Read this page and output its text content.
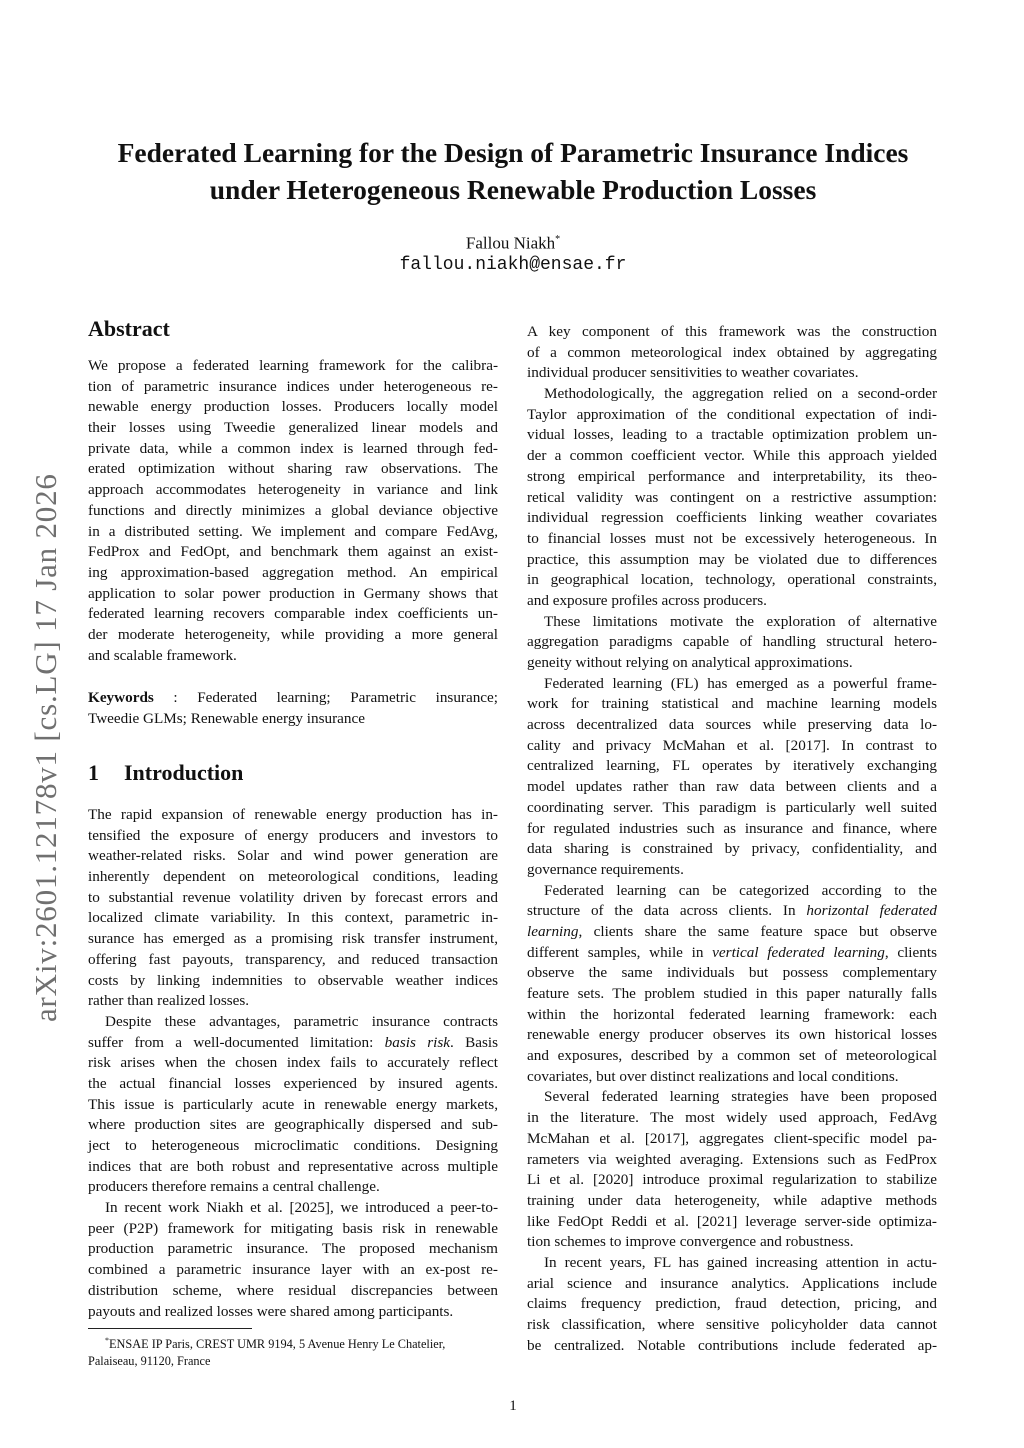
arXiv:2601.12178v1 [cs.LG] 17 Jan 2026
Federated Learning for the Design of Parametric Insurance Indices
under Heterogeneous Renewable Production Losses
Fallou Niakh*
fallou.niakh@ensae.fr
Abstract
We propose a federated learning framework for the calibra-
tion of parametric insurance indices under heterogeneous re-
newable energy production losses. Producers locally model
their losses using Tweedie generalized linear models and
private data, while a common index is learned through fed-
erated optimization without sharing raw observations. The
approach accommodates heterogeneity in variance and link
functions and directly minimizes a global deviance objective
in a distributed setting. We implement and compare FedAvg,
FedProx and FedOpt, and benchmark them against an exist-
ing approximation-based aggregation method. An empirical
application to solar power production in Germany shows that
federated learning recovers comparable index coefficients un-
der moderate heterogeneity, while providing a more general
and scalable framework.
Keywords : Federated learning; Parametric insurance;
Tweedie GLMs; Renewable energy insurance
1 Introduction
The rapid expansion of renewable energy production has in-
tensified the exposure of energy producers and investors to
weather-related risks. Solar and wind power generation are
inherently dependent on meteorological conditions, leading
to substantial revenue volatility driven by forecast errors and
localized climate variability. In this context, parametric in-
surance has emerged as a promising risk transfer instrument,
offering fast payouts, transparency, and reduced transaction
costs by linking indemnities to observable weather indices
rather than realized losses.
Despite these advantages, parametric insurance contracts
suffer from a well-documented limitation: basis risk. Basis
risk arises when the chosen index fails to accurately reflect
the actual financial losses experienced by insured agents.
This issue is particularly acute in renewable energy markets,
where production sites are geographically dispersed and sub-
ject to heterogeneous microclimatic conditions. Designing
indices that are both robust and representative across multiple
producers therefore remains a central challenge.
In recent work Niakh et al. [2025], we introduced a peer-to-
peer (P2P) framework for mitigating basis risk in renewable
production parametric insurance. The proposed mechanism
combined a parametric insurance layer with an ex-post re-
distribution scheme, where residual discrepancies between
payouts and realized losses were shared among participants.
*ENSAE IP Paris, CREST UMR 9194, 5 Avenue Henry Le Chatelier,
Palaiseau, 91120, France
A key component of this framework was the construction
of a common meteorological index obtained by aggregating
individual producer sensitivities to weather covariates.
Methodologically, the aggregation relied on a second-order
Taylor approximation of the conditional expectation of indi-
vidual losses, leading to a tractable optimization problem un-
der a common coefficient vector. While this approach yielded
strong empirical performance and interpretability, its theo-
retical validity was contingent on a restrictive assumption:
individual regression coefficients linking weather covariates
to financial losses must not be excessively heterogeneous. In
practice, this assumption may be violated due to differences
in geographical location, technology, operational constraints,
and exposure profiles across producers.
These limitations motivate the exploration of alternative
aggregation paradigms capable of handling structural hetero-
geneity without relying on analytical approximations.
Federated learning (FL) has emerged as a powerful frame-
work for training statistical and machine learning models
across decentralized data sources while preserving data lo-
cality and privacy McMahan et al. [2017]. In contrast to
centralized learning, FL operates by iteratively exchanging
model updates rather than raw data between clients and a
coordinating server. This paradigm is particularly well suited
for regulated industries such as insurance and finance, where
data sharing is constrained by privacy, confidentiality, and
governance requirements.
Federated learning can be categorized according to the
structure of the data across clients. In horizontal federated
learning, clients share the same feature space but observe
different samples, while in vertical federated learning, clients
observe the same individuals but possess complementary
feature sets. The problem studied in this paper naturally falls
within the horizontal federated learning framework: each
renewable energy producer observes its own historical losses
and exposures, described by a common set of meteorological
covariates, but over distinct realizations and local conditions.
Several federated learning strategies have been proposed
in the literature. The most widely used approach, FedAvg
McMahan et al. [2017], aggregates client-specific model pa-
rameters via weighted averaging. Extensions such as FedProx
Li et al. [2020] introduce proximal regularization to stabilize
training under data heterogeneity, while adaptive methods
like FedOpt Reddi et al. [2021] leverage server-side optimiza-
tion schemes to improve convergence and robustness.
In recent years, FL has gained increasing attention in actu-
arial science and insurance analytics. Applications include
claims frequency prediction, fraud detection, pricing, and
risk classification, where sensitive policyholder data cannot
be centralized. Notable contributions include federated ap-
1
